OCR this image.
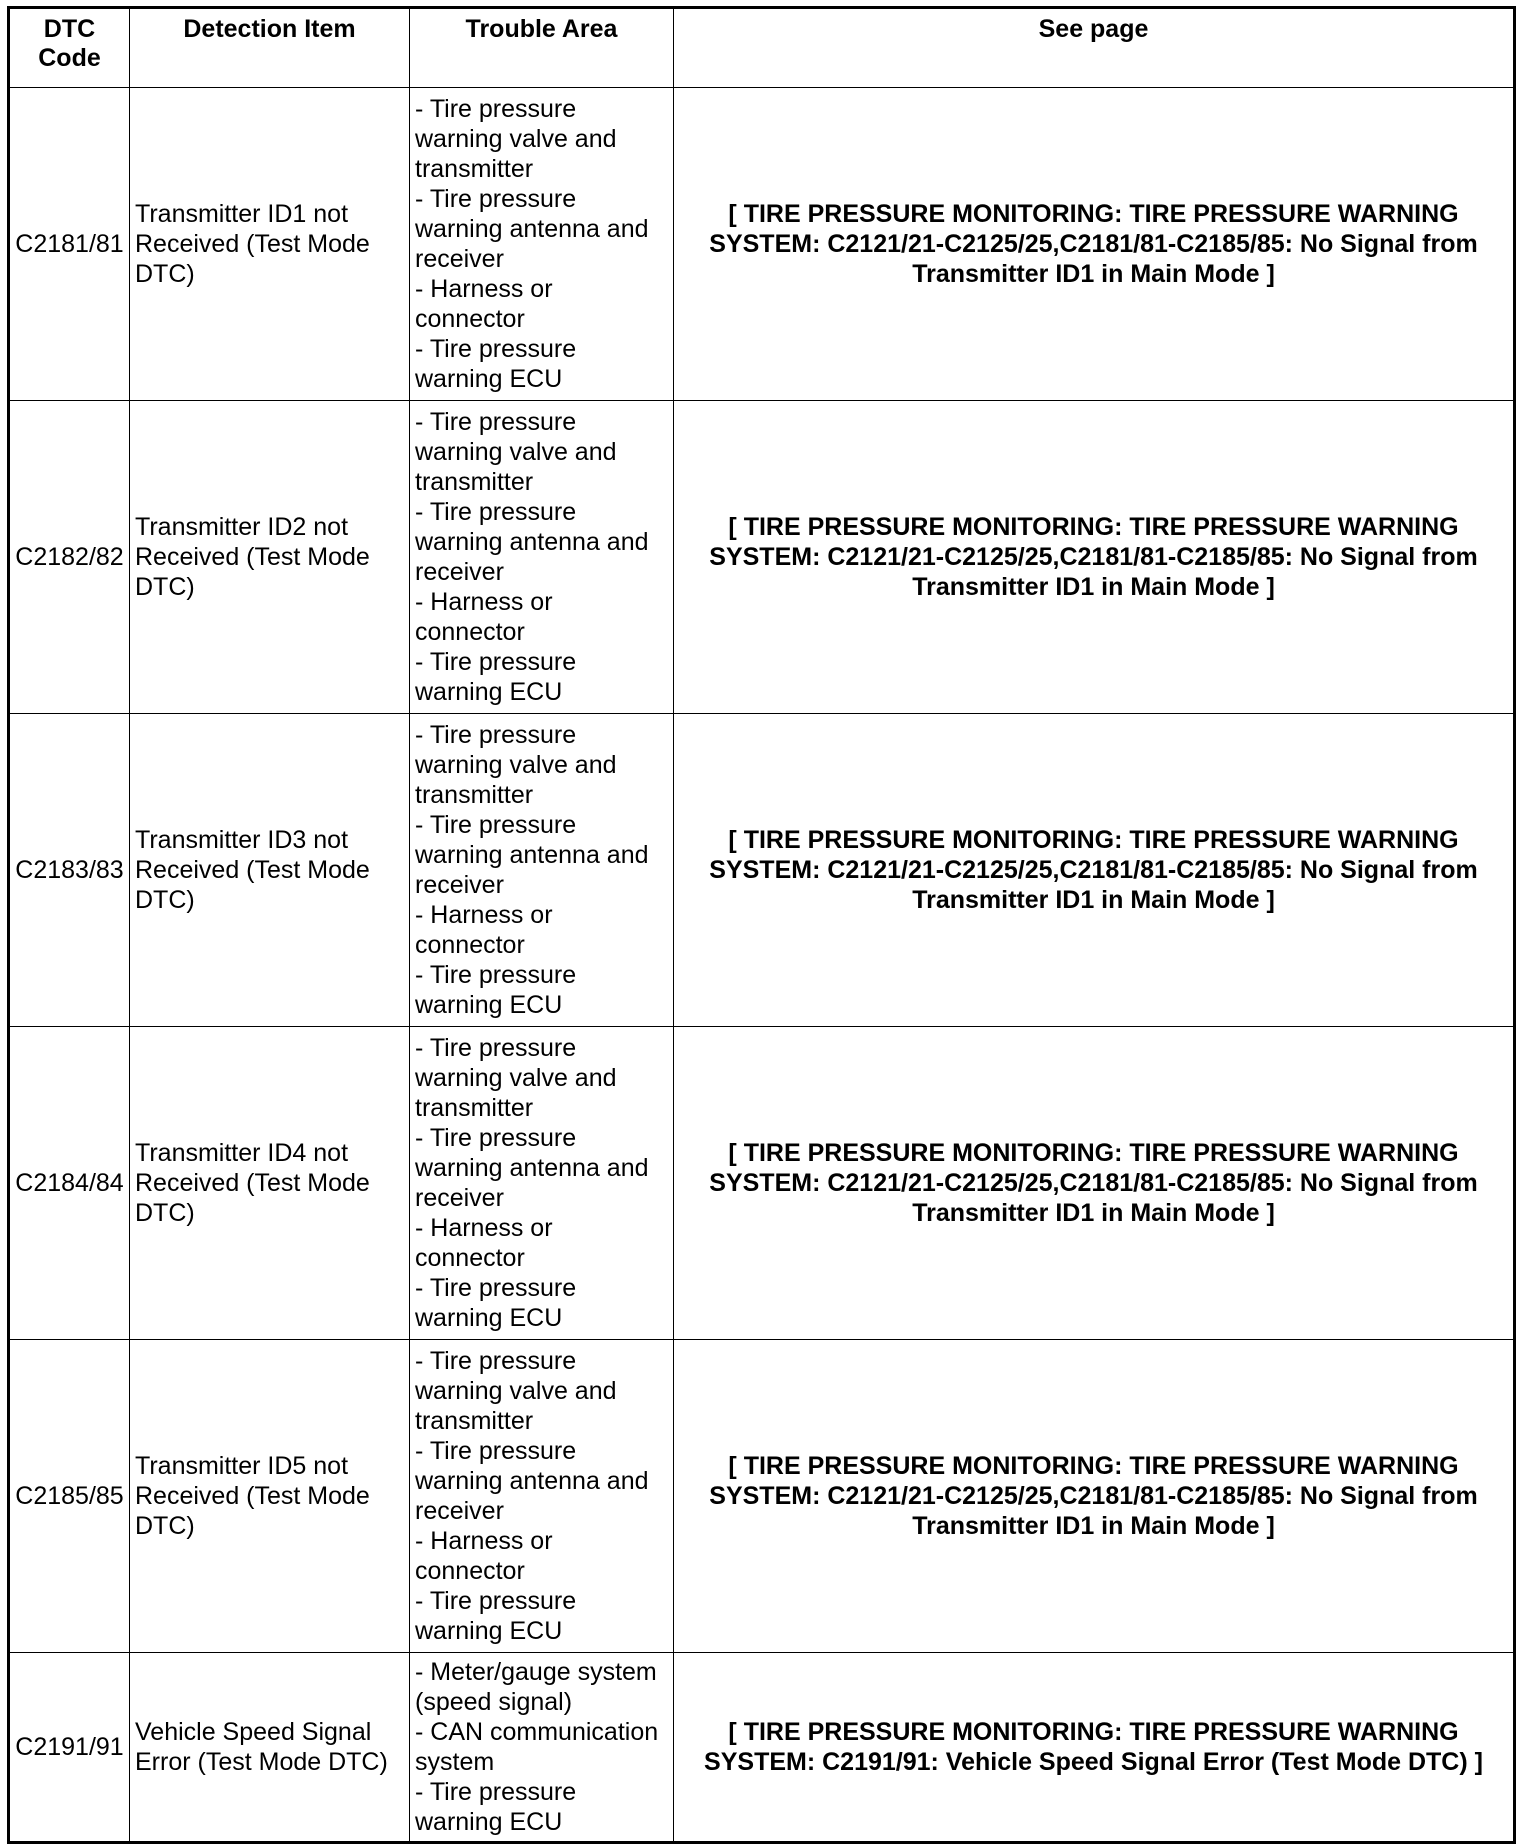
DTC Code	Detection Item	Trouble Area	See page
C2181/81	Transmitter ID1 not Received (Test Mode DTC)	- Tire pressure warning valve and transmitter
- Tire pressure warning antenna and receiver
- Harness or connector
- Tire pressure warning ECU	[ TIRE PRESSURE MONITORING: TIRE PRESSURE WARNING SYSTEM: C2121/21-C2125/25,C2181/81-C2185/85: No Signal from Transmitter ID1 in Main Mode ]
C2182/82	Transmitter ID2 not Received (Test Mode DTC)	- Tire pressure warning valve and transmitter
- Tire pressure warning antenna and receiver
- Harness or connector
- Tire pressure warning ECU	[ TIRE PRESSURE MONITORING: TIRE PRESSURE WARNING SYSTEM: C2121/21-C2125/25,C2181/81-C2185/85: No Signal from Transmitter ID1 in Main Mode ]
C2183/83	Transmitter ID3 not Received (Test Mode DTC)	- Tire pressure warning valve and transmitter
- Tire pressure warning antenna and receiver
- Harness or connector
- Tire pressure warning ECU	[ TIRE PRESSURE MONITORING: TIRE PRESSURE WARNING SYSTEM: C2121/21-C2125/25,C2181/81-C2185/85: No Signal from Transmitter ID1 in Main Mode ]
C2184/84	Transmitter ID4 not Received (Test Mode DTC)	- Tire pressure warning valve and transmitter
- Tire pressure warning antenna and receiver
- Harness or connector
- Tire pressure warning ECU	[ TIRE PRESSURE MONITORING: TIRE PRESSURE WARNING SYSTEM: C2121/21-C2125/25,C2181/81-C2185/85: No Signal from Transmitter ID1 in Main Mode ]
C2185/85	Transmitter ID5 not Received (Test Mode DTC)	- Tire pressure warning valve and transmitter
- Tire pressure warning antenna and receiver
- Harness or connector
- Tire pressure warning ECU	[ TIRE PRESSURE MONITORING: TIRE PRESSURE WARNING SYSTEM: C2121/21-C2125/25,C2181/81-C2185/85: No Signal from Transmitter ID1 in Main Mode ]
C2191/91	Vehicle Speed Signal Error (Test Mode DTC)	- Meter/gauge system (speed signal)
- CAN communication system
- Tire pressure warning ECU	[ TIRE PRESSURE MONITORING: TIRE PRESSURE WARNING SYSTEM: C2191/91: Vehicle Speed Signal Error (Test Mode DTC) ]
